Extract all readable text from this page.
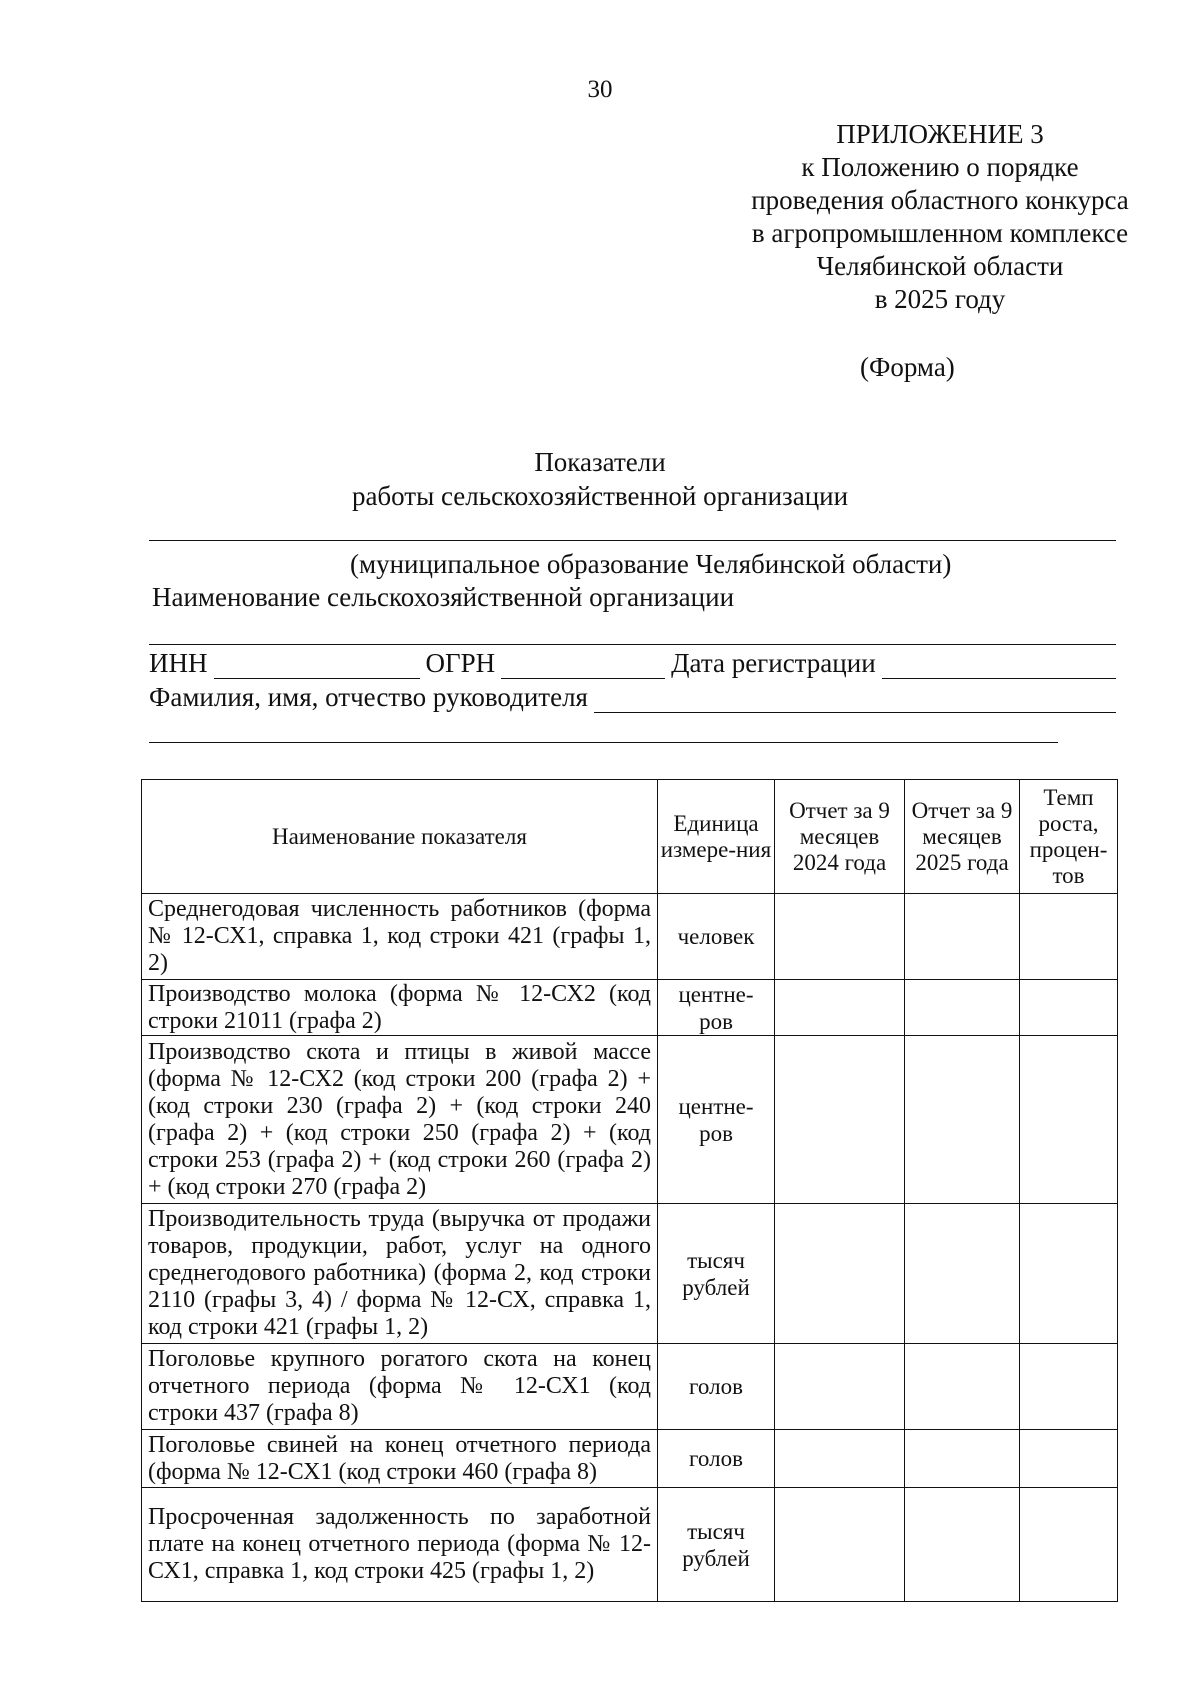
30
ПРИЛОЖЕНИЕ 3
к Положению о порядке
проведения областного конкурса
в агропромышленном комплексе
Челябинской области
в 2025 году
(Форма)
Показатели
работы сельскохозяйственной организации
(муниципальное образование Челябинской области)
Наименование сельскохозяйственной организации
ИНН	ОГРН	Дата регистрации
Фамилия, имя, отчество руководителя
Наименование показателя	Единица измере-ния	Отчет за 9 месяцев 2024 года	Отчет за 9 месяцев 2025 года	Темп роста, процен-тов
Среднегодовая численность работников (форма № 12-СХ1, справка 1, код строки 421 (графы 1, 2)	человек			
Производство молока (форма № 12-СХ2 (код строки 21011 (графа 2)	центне-ров			
Производство скота и птицы в живой массе (форма № 12-СХ2 (код строки 200 (графа 2) + (код строки 230 (графа 2) + (код строки 240 (графа 2) + (код строки 250 (графа 2) + (код строки 253 (графа 2) + (код строки 260 (графа 2) + (код строки 270 (графа 2)	центне-ров			
Производительность труда (выручка от продажи товаров, продукции, работ, услуг на одного среднегодового работника) (форма 2, код строки 2110 (графы 3, 4) / форма № 12-СХ, справка 1, код строки 421 (графы 1, 2)	тысяч рублей			
Поголовье крупного рогатого скота на конец отчетного периода (форма № 12-СХ1 (код строки 437 (графа 8)	голов			
Поголовье свиней на конец отчетного периода (форма № 12-СХ1 (код строки 460 (графа 8)	голов			
Просроченная задолженность по заработной плате на конец отчетного периода (форма № 12-СХ1, справка 1, код строки 425 (графы 1, 2)	тысяч рублей			
